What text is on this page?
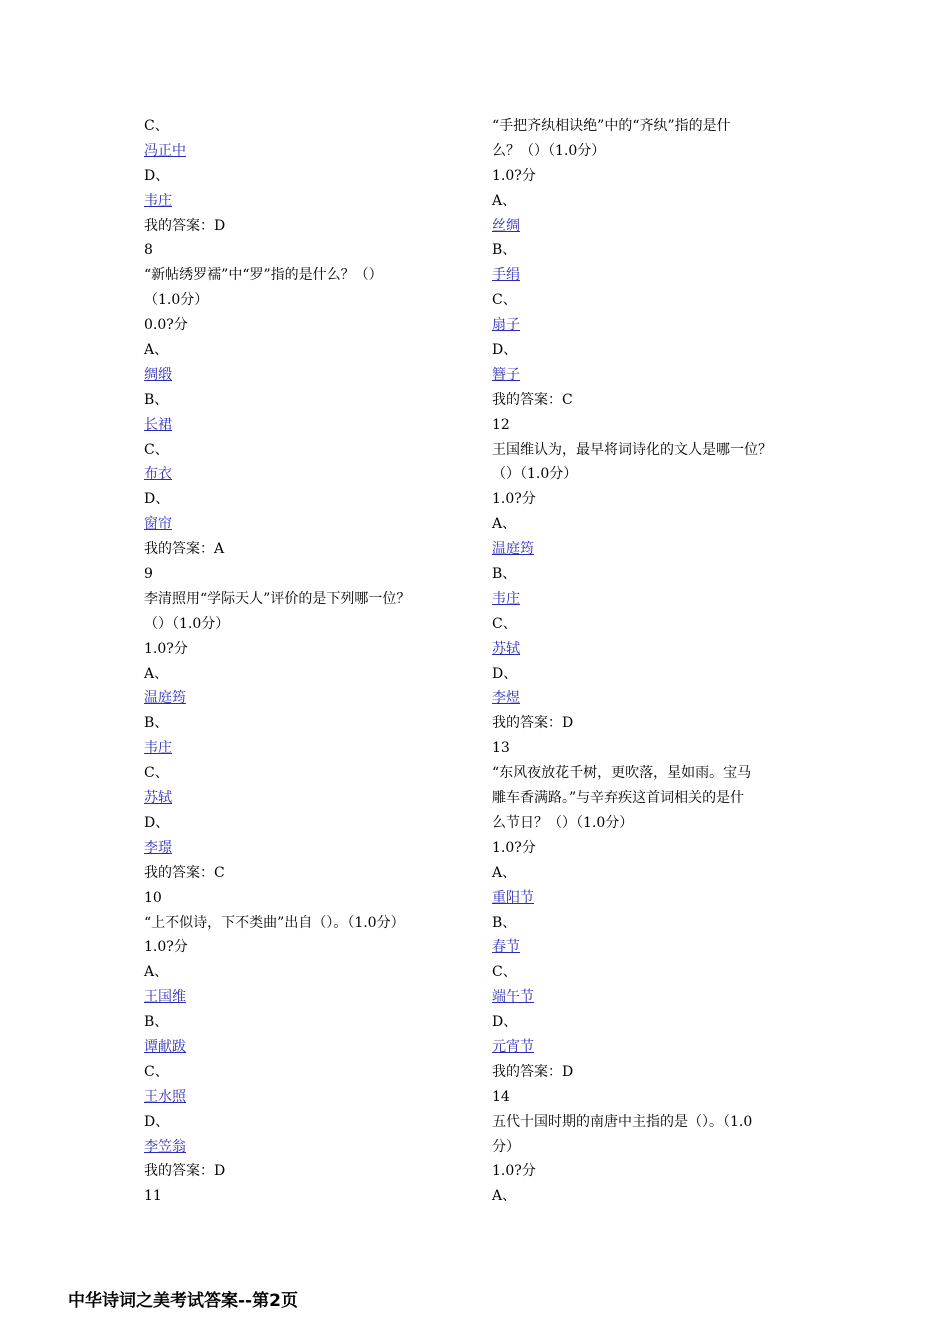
C、
冯正中
D、
韦庄
我的答案：D
8
“新帖绣罗襦”中“罗”指的是什么？（）
（1.0分）
0.0?分
A、
绸缎
B、
长裙
C、
布衣
D、
窗帘
我的答案：A
9
李清照用“学际天人”评价的是下列哪一位？
（）（1.0分）
1.0?分
A、
温庭筠
B、
韦庄
C、
苏轼
D、
李璟
我的答案：C
10
“上不似诗，下不类曲”出自（）。（1.0分）
1.0?分
A、
王国维
B、
谭献跋
C、
王水照
D、
李笠翁
我的答案：D
11
“手把齐纨相诀绝”中的“齐纨”指的是什
么？（）（1.0分）
1.0?分
A、
丝绸
B、
手绢
C、
扇子
D、
簪子
我的答案：C
12
王国维认为，最早将词诗化的文人是哪一位？
（）（1.0分）
1.0?分
A、
温庭筠
B、
韦庄
C、
苏轼
D、
李煜
我的答案：D
13
“东风夜放花千树，更吹落，星如雨。宝马
雕车香满路。”与辛弃疾这首词相关的是什
么节日？（）（1.0分）
1.0?分
A、
重阳节
B、
春节
C、
端午节
D、
元宵节
我的答案：D
14
五代十国时期的南唐中主指的是（）。（1.0
分）
1.0?分
A、
中华诗词之美考试答案--第2页
